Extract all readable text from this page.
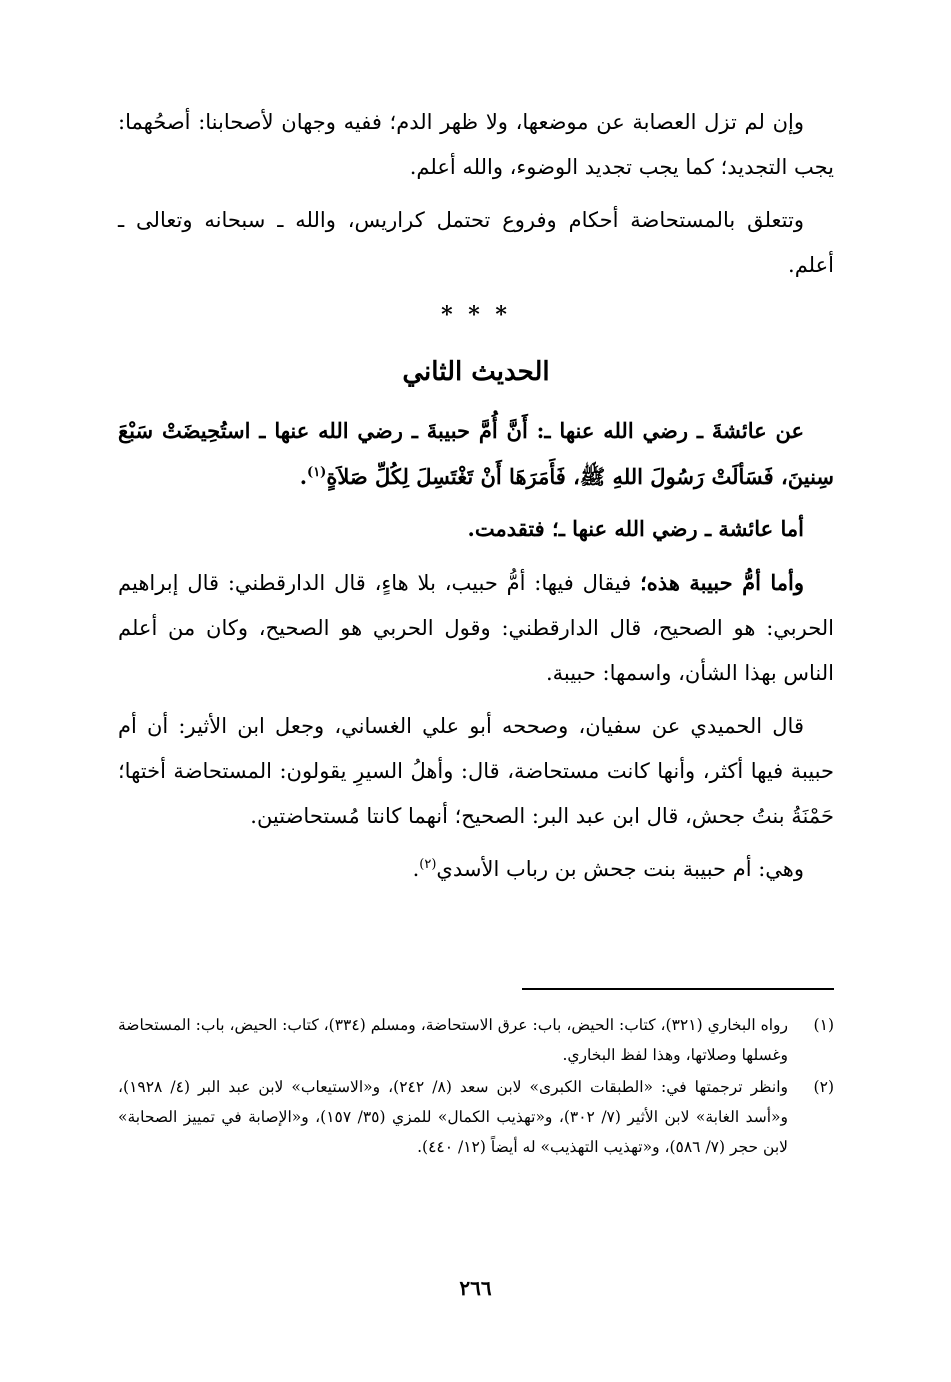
وإن لم تزل العصابة عن موضعها، ولا ظهر الدم؛ ففيه وجهان لأصحابنا: أصحُهما: يجب التجديد؛ كما يجب تجديد الوضوء، والله أعلم.

وتتعلق بالمستحاضة أحكام وفروع تحتمل كراريس، والله ـ سبحانه وتعالى ـ أعلم.

* * *
الحديث الثاني

عن عائشةَ ـ رضي الله عنها ـ: أَنَّ أُمَّ حبيبةَ ـ رضي الله عنها ـ استُحِيضَتْ سَبْعَ سِنينَ، فَسَألَتْ رَسُولَ اللهِ ﷺ، فَأَمَرَهَا أَنْ تَغْتَسِلَ لِكُلِّ صَلاَةٍ$^{(١)}$.

أما عائشة ـ رضي الله عنها ـ؛ فتقدمت.

وأما أمُّ حبيبة هذه؛ فيقال فيها: أمُّ حبيب، بلا هاءٍ، قال الدارقطني: قال إبراهيم الحربي: هو الصحيح، قال الدارقطني: وقول الحربي هو الصحيح، وكان من أعلم الناس بهذا الشأن، واسمها: حبيبة.

قال الحميدي عن سفيان، وصححه أبو علي الغساني، وجعل ابن الأثير: أن أم حبيبة فيها أكثر، وأنها كانت مستحاضة، قال: وأهلُ السيرِ يقولون: المستحاضة أختها؛ حَمْنَةُ بنتُ جحش، قال ابن عبد البر: الصحيح؛ أنهما كانتا مُستحاضتين.

وهي: أم حبيبة بنت جحش بن رباب الأسدي$^{(٢)}$.

(١)
رواه البخاري (٣٢١)، كتاب: الحيض، باب: عرق الاستحاضة، ومسلم (٣٣٤)، كتاب: الحيض، باب: المستحاضة وغسلها وصلاتها، وهذا لفظ البخاري.
(٢)
وانظر ترجمتها في: «الطبقات الكبرى» لابن سعد (٨/ ٢٤٢)، و«الاستيعاب» لابن عبد البر (٤/ ١٩٢٨)، و«أسد الغابة» لابن الأثير (٧/ ٣٠٢)، و«تهذيب الكمال» للمزي (٣٥/ ١٥٧)، و«الإصابة في تمييز الصحابة» لابن حجر (٧/ ٥٨٦)، و«تهذيب التهذيب» له أيضاً (١٢/ ٤٤٠).
٢٦٦
